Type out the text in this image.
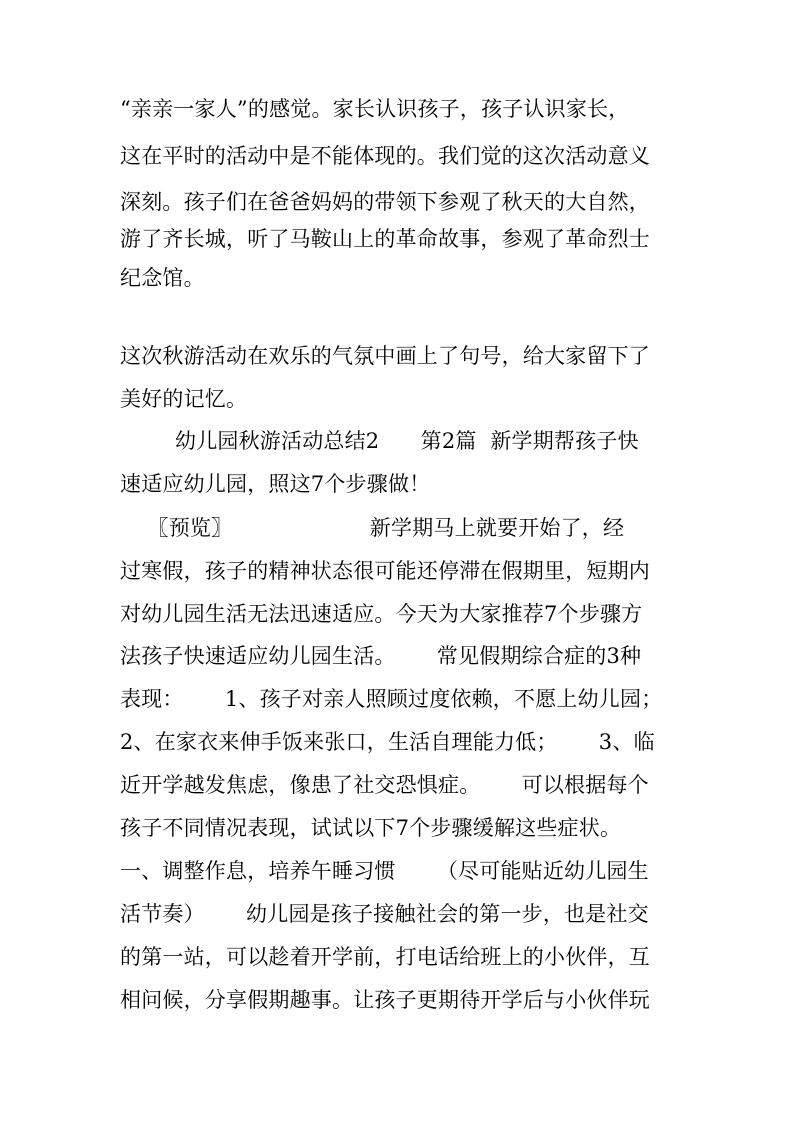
“亲亲一家人”的感觉。家长认识孩子，孩子认识家长，
这在平时的活动中是不能体现的。我们觉的这次活动意义
深刻。孩子们在爸爸妈妈的带领下参观了秋天的大自然，
游了齐长城，听了马鞍山上的革命故事，参观了革命烈士
纪念馆。
这次秋游活动在欢乐的气氛中画上了句号，给大家留下了
美好的记忆。
幼儿园秋游活动总结2      第2篇  新学期帮孩子快
速适应幼儿园，照这7个步骤做！
〖预览〗                    新学期马上就要开始了，经
过寒假，孩子的精神状态很可能还停滞在假期里，短期内
对幼儿园生活无法迅速适应。今天为大家推荐7个步骤方
法孩子快速适应幼儿园生活。      常见假期综合症的3种
表现：      1、孩子对亲人照顾过度依赖，不愿上幼儿园；
2、在家衣来伸手饭来张口，生活自理能力低；      3、临
近开学越发焦虑，像患了社交恐惧症。      可以根据每个
孩子不同情况表现，试试以下7个步骤缓解这些症状。
一、调整作息，培养午睡习惯      （尽可能贴近幼儿园生
活节奏）      幼儿园是孩子接触社会的第一步，也是社交
的第一站，可以趁着开学前，打电话给班上的小伙伴，互
相问候，分享假期趣事。让孩子更期待开学后与小伙伴玩
